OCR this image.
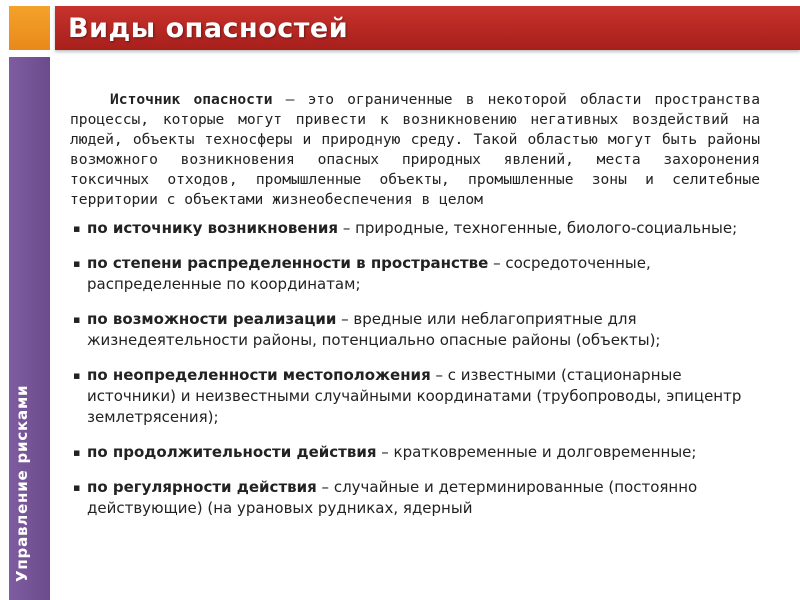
Виды опасностей
Управление рисками

Источник опасности – это ограниченные в некоторой области пространства процессы, которые могут привести к возникновению негативных воздействий на людей, объекты техносферы и природную среду. Такой областью могут быть районы возможного возникновения опасных природных явлений, места захоронения токсичных отходов, промышленные объекты, промышленные зоны и селитебные территории с объектами жизнеобеспечения в целом

▪ по источнику возникновения – природные, техногенные, биолого-социальные;
▪ по степени распределенности в пространстве – сосредоточенные, распределенные по координатам;
▪ по возможности реализации – вредные или неблагоприятные для жизнедеятельности районы, потенциально опасные районы (объекты);
▪ по неопределенности местоположения – с известными (стационарные источники) и неизвестными случайными координатами (трубопроводы, эпицентр землетрясения);
▪ по продолжительности действия – кратковременные и долговременные;
▪ по регулярности действия – случайные и детерминированные (постоянно действующие) (на урановых рудниках, ядерный
